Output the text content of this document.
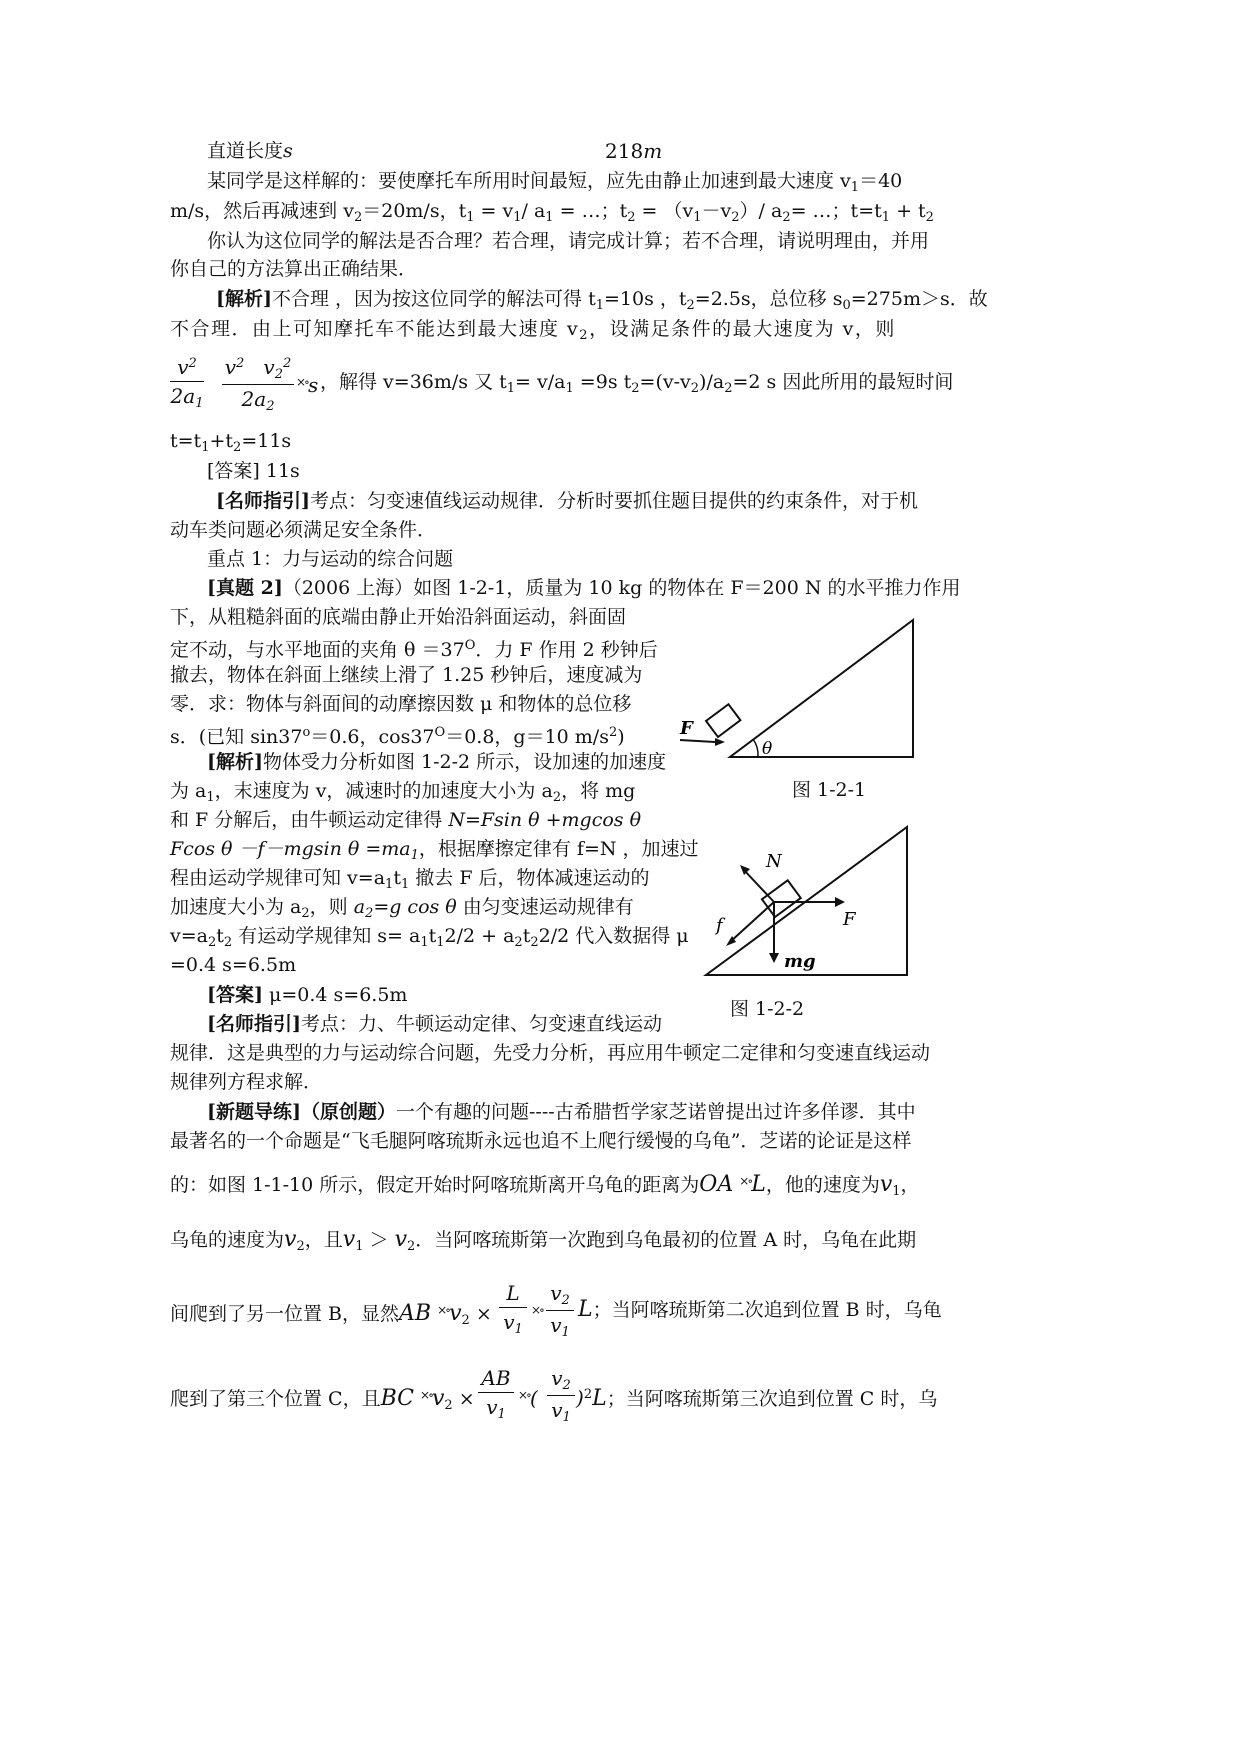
直道长度s	218m
某同学是这样解的：要使摩托车所用时间最短，应先由静止加速到最大速度 $v_1=40$
m/s，然后再减速到 $v_2=20m/s$，$t_1 = v_1/$ $a_1$ = …；$t_2 = (v_1-v_2)/$ $a_2=$ …；$t=t_1 + t_2$
你认为这位同学的解法是否合理？若合理，请完成计算；若不合理，请说明理由，并用
你自己的方法算出正确结果．
[解析]不合理 ，因为按这位同学的解法可得 $t_1=10s$ ，$t_2=2.5s$，总位移 $s_0=275m>s$．故
不合理．由上可知摩托车不能达到最大速度 $v_2$，设满足条件的最大速度为 v，则
$v^2$
$2a_1$
$v^2$ $v_2^2$
$2a_2$
×∘s ，解得 v=36m/s 又 $t_1= v/a_1 =9s$ $t_2=(v-v_2)/a_2=2$ s 因此所用的最短时间
$t=t_1+t_2=11s$
[答案] 11s
[名师指引]考点：匀变速值线运动规律．分析时要抓住题目提供的约束条件，对于机
动车类问题必须满足安全条件．
重点 1：力与运动的综合问题
[真题 2]（2006 上海）如图 1-2-1，质量为 10 kg 的物体在 F＝200 N 的水平推力作用
下，从粗糙斜面的底端由静止开始沿斜面运动，斜面固
定不动，与水平地面的夹角 $\theta =37^O$．力 F 作用 2 秒钟后
撤去，物体在斜面上继续上滑了 1.25 秒钟后，速度减为
零．求：物体与斜面间的动摩擦因数 μ 和物体的总位移
s．(已知 $\sin 37^o=0.6$，$\cos 37^O=0.8$，g＝10 $m/s^2$)	F
θ
图 1-2-1
[解析]物体受力分析如图 1-2-2 所示，设加速的加速度
为 $a_1$，末速度为 v，减速时的加速度大小为 $a_2$，将 mg
和 F 分解后，由牛顿运动定律得 N=Fsin θ +mgcos θ
Fcos θ －f－mgsin $\theta =ma_1$，根据摩擦定律有 f=N ，加速过
程由运动学规律可知 $v=a_1t_1$ 撤去 F 后，物体减速运动的
加速度大小为 $a_2$，则 $a_2=g$ cos θ 由匀变速运动规律有
$v=a_2t_2$ 有运动学规律知 $s= a_1t_12/2 + a_2t_22/2$ 代入数据得 μ
=0.4 s=6.5m
[答案] μ=0.4 s=6.5m
N
F
f
mg
图 1-2-2
[名师指引]考点：力、牛顿运动定律、匀变速直线运动
规律．这是典型的力与运动综合问题，先受力分析，再应用牛顿定二定律和匀变速直线运动
规律列方程求解．
[新题导练]（原创题）一个有趣的问题----古希腊哲学家芝诺曾提出过许多佯谬．其中
最著名的一个命题是“飞毛腿阿喀琉斯永远也追不上爬行缓慢的乌龟”．芝诺的论证是这样
的：如图 1-1-10 所示，假定开始时阿喀琉斯离开乌龟的距离为OA ×∘L，他的速度为$v_1$，
乌龟的速度为$v_2$，且$v_1 > v_2$．当阿喀琉斯第一次跑到乌龟最初的位置 A 时，乌龟在此期
间爬到了另一位置 B，显然AB $^{\times\circ}v_2$ ×
L
$v_1$
×∘
$v_2$
$v_1$
L；当阿喀琉斯第二次追到位置 B 时，乌龟
爬到了第三个位置 C，且BC $^{\times\circ}v_2$ ×
AB
$v_1$
×∘(
$v_2$
$v_1$
)$^2$L；当阿喀琉斯第三次追到位置 C 时，乌
